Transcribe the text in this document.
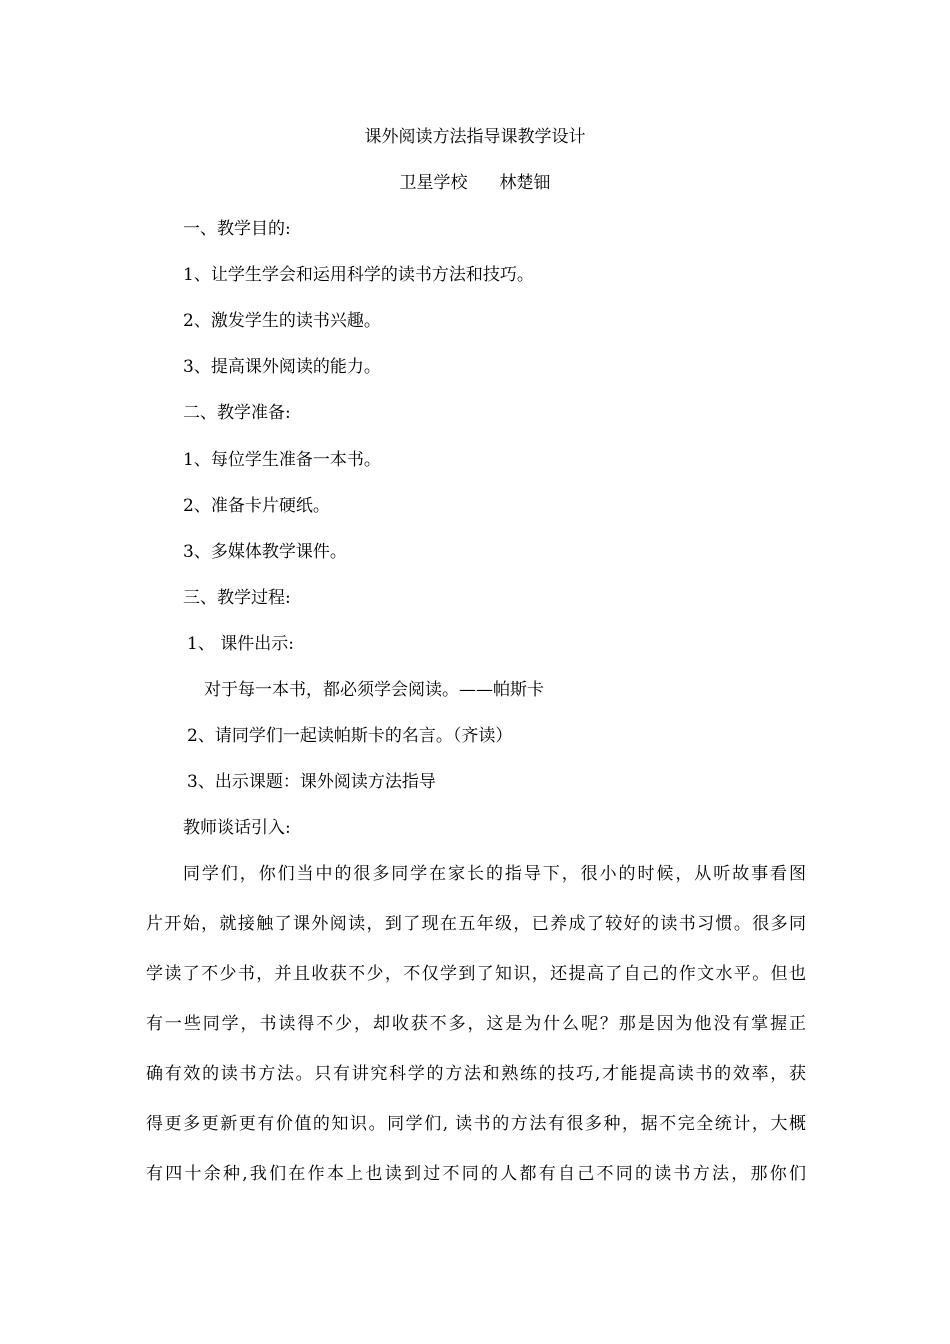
课外阅读方法指导课教学设计
卫星学校 林楚钿
一、教学目的:
1、让学生学会和运用科学的读书方法和技巧。
2、激发学生的读书兴趣。
3、提高课外阅读的能力。
二、教学准备:
1、每位学生准备一本书。
2、准备卡片硬纸。
3、多媒体教学课件。
三、教学过程:
1、 课件出示:
对于每一本书，都必须学会阅读。——帕斯卡
2、请同学们一起读帕斯卡的名言。（齐读）
3、出示课题：课外阅读方法指导
教师谈话引入:
同学们，你们当中的很多同学在家长的指导下，很小的时候，从听故事看图
片开始，就接触了课外阅读，到了现在五年级，已养成了较好的读书习惯。很多同
学读了不少书，并且收获不少，不仅学到了知识，还提高了自己的作文水平。但也
有一些同学，书读得不少，却收获不多，这是为什么呢？那是因为他没有掌握正
确有效的读书方法。只有讲究科学的方法和熟练的技巧,才能提高读书的效率，获
得更多更新更有价值的知识。同学们, 读书的方法有很多种，据不完全统计，大概
有四十余种,我们在作本上也读到过不同的人都有自己不同的读书方法，那你们
